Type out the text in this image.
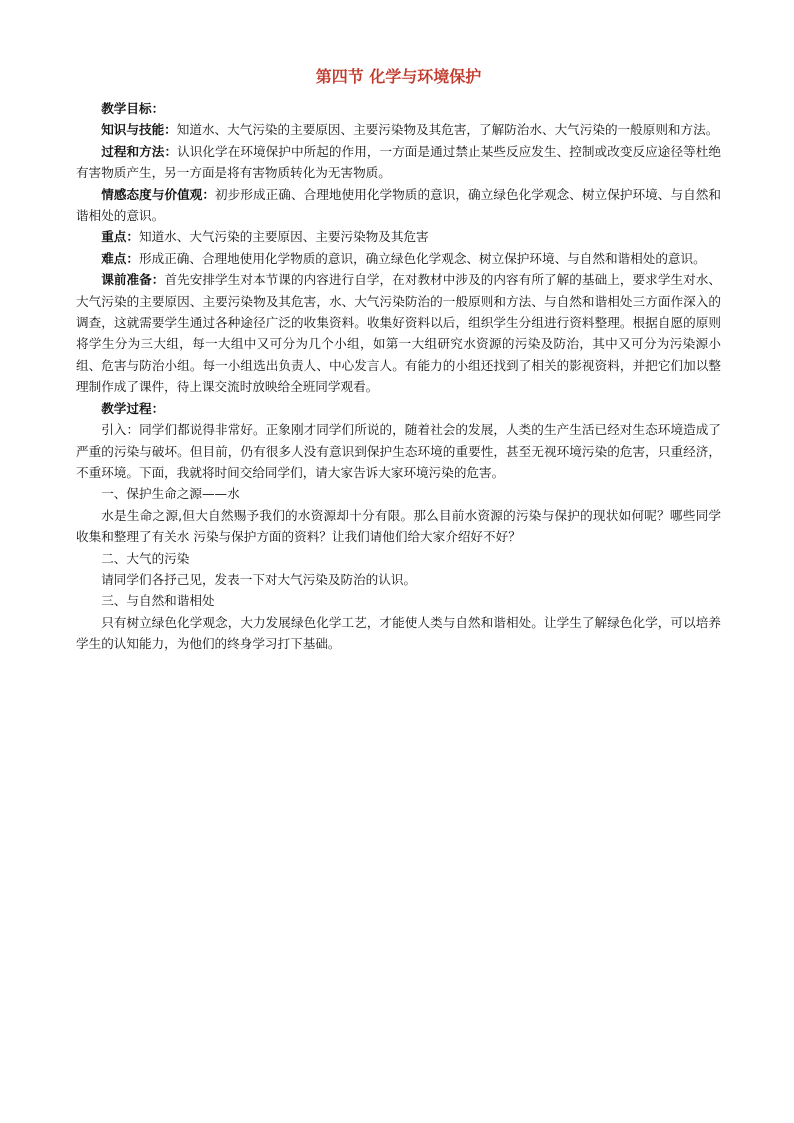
第四节 化学与环境保护

教学目标：

知识与技能：知道水、大气污染的主要原因、主要污染物及其危害，了解防治水、大气污染的一般原则和方法。

过程和方法：认识化学在环境保护中所起的作用，一方面是通过禁止某些反应发生、控制或改变反应途径等杜绝有害物质产生，另一方面是将有害物质转化为无害物质。

情感态度与价值观：初步形成正确、合理地使用化学物质的意识，确立绿色化学观念、树立保护环境、与自然和谐相处的意识。

重点：知道水、大气污染的主要原因、主要污染物及其危害

难点：形成正确、合理地使用化学物质的意识，确立绿色化学观念、树立保护环境、与自然和谐相处的意识。

课前准备：首先安排学生对本节课的内容进行自学，在对教材中涉及的内容有所了解的基础上，要求学生对水、大气污染的主要原因、主要污染物及其危害，水、大气污染防治的一般原则和方法、与自然和谐相处三方面作深入的调查，这就需要学生通过各种途径广泛的收集资料。收集好资料以后，组织学生分组进行资料整理。根据自愿的原则将学生分为三大组，每一大组中又可分为几个小组，如第一大组研究水资源的污染及防治，其中又可分为污染源小组、危害与防治小组。每一小组选出负责人、中心发言人。有能力的小组还找到了相关的影视资料，并把它们加以整理制作成了课件，待上课交流时放映给全班同学观看。

教学过程：

引入：同学们都说得非常好。正象刚才同学们所说的，随着社会的发展，人类的生产生活已经对生态环境造成了严重的污染与破坏。但目前，仍有很多人没有意识到保护生态环境的重要性，甚至无视环境污染的危害，只重经济，不重环境。下面，我就将时间交给同学们，请大家告诉大家环境污染的危害。

一、保护生命之源——水

水是生命之源,但大自然赐予我们的水资源却十分有限。那么目前水资源的污染与保护的现状如何呢？哪些同学收集和整理了有关水 污染与保护方面的资料？让我们请他们给大家介绍好不好？

二、大气的污染

请同学们各抒己见，发表一下对大气污染及防治的认识。

三、与自然和谐相处

只有树立绿色化学观念，大力发展绿色化学工艺，才能使人类与自然和谐相处。让学生了解绿色化学，可以培养学生的认知能力，为他们的终身学习打下基础。
